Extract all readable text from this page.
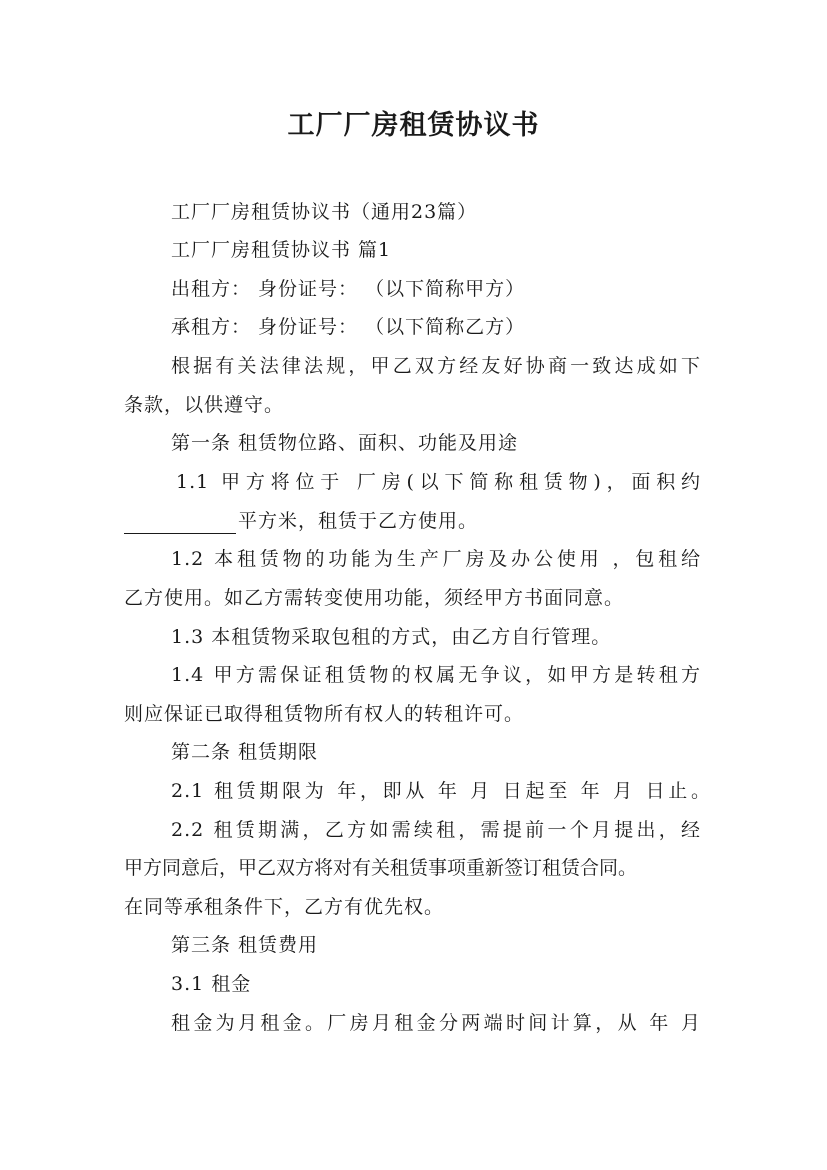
工厂厂房租赁协议书
工厂厂房租赁协议书（通用23篇）
工厂厂房租赁协议书 篇1
出租方： 身份证号： （以下简称甲方）
承租方： 身份证号： （以下简称乙方）
根据有关法律法规，甲乙双方经友好协商一致达成如下
条款，以供遵守。
第一条 租赁物位路、面积、功能及用途
1.1 甲方将位于 厂房(以下简称租赁物)，面积约
平方米，租赁于乙方使用。
1.2 本租赁物的功能为生产厂房及办公使用 ，包租给
乙方使用。如乙方需转变使用功能，须经甲方书面同意。
1.3 本租赁物采取包租的方式，由乙方自行管理。
1.4 甲方需保证租赁物的权属无争议，如甲方是转租方
则应保证已取得租赁物所有权人的转租许可。
第二条 租赁期限
2.1 租赁期限为 年，即从 年 月 日起至 年 月 日止。
2.2 租赁期满，乙方如需续租，需提前一个月提出，经
甲方同意后，甲乙双方将对有关租赁事项重新签订租赁合同。
在同等承租条件下，乙方有优先权。
第三条 租赁费用
3.1 租金
租金为月租金。厂房月租金分两端时间计算，从 年 月
